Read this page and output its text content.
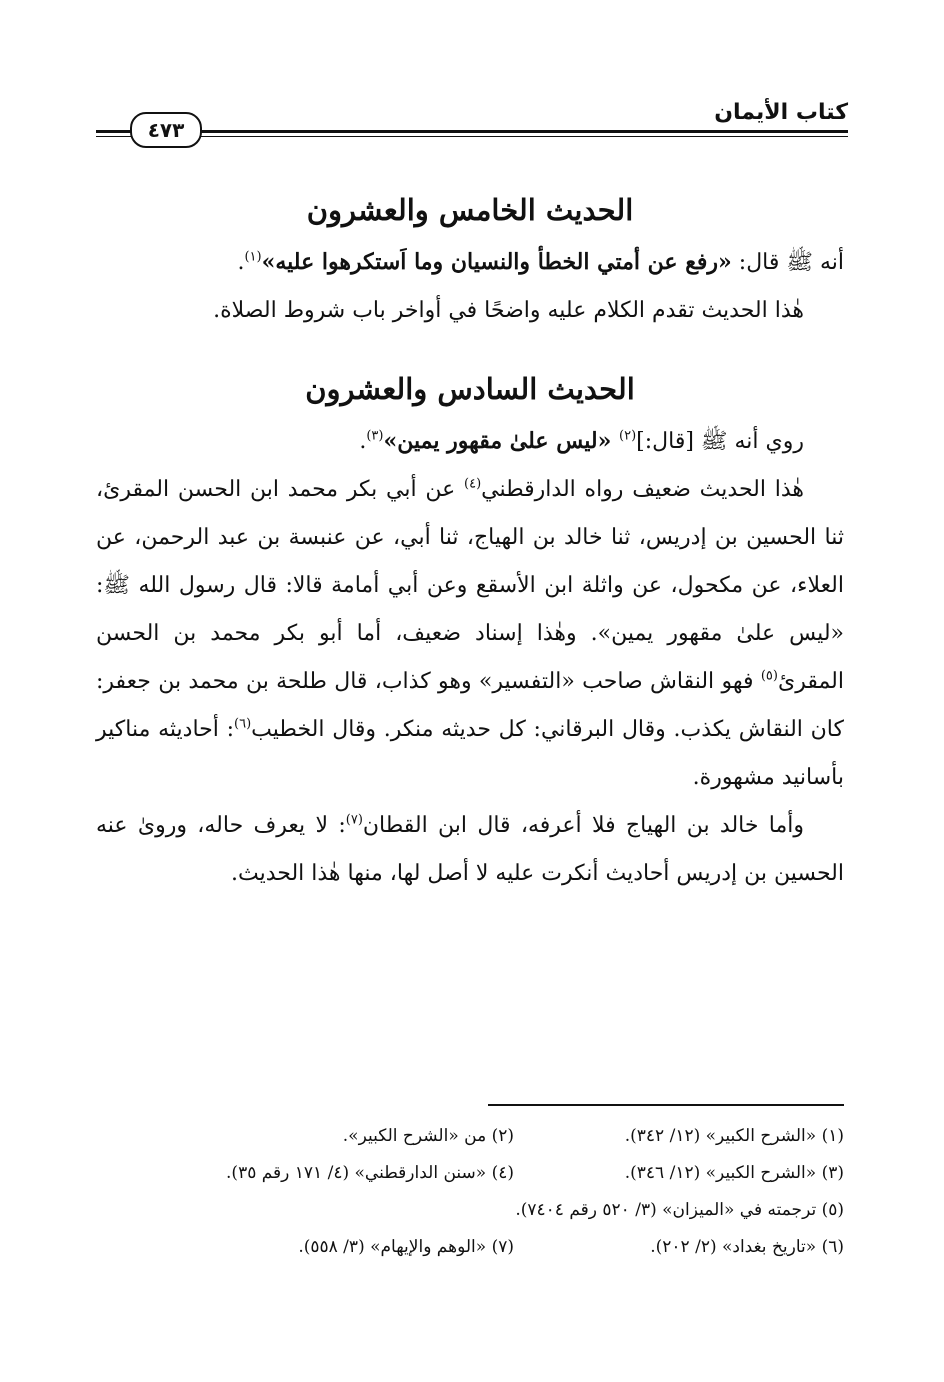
كتاب الأيمان
٤٧٣
الحديث الخامس والعشرون

أنه ﷺ قال: «رفع عن أمتي الخطأ والنسيان وما اَستكرهوا عليه»$^{(١)}$.

هٰذا الحديث تقدم الكلام عليه واضحًا في أواخر باب شروط الصلاة.

الحديث السادس والعشرون

روي أنه ﷺ [قال:]$^{(٢)}$ «ليس علىٰ مقهور يمين»$^{(٣)}$.

هٰذا الحديث ضعيف رواه الدارقطني$^{(٤)}$ عن أبي بكر محمد ابن الحسن المقرئ، ثنا الحسين بن إدريس، ثنا خالد بن الهياج، ثنا أبي، عن عنبسة بن عبد الرحمن، عن العلاء، عن مكحول، عن واثلة ابن الأسقع وعن أبي أمامة قالا: قال رسول الله ﷺ: «ليس علىٰ مقهور يمين». وهٰذا إسناد ضعيف، أما أبو بكر محمد بن الحسن المقرئ$^{(٥)}$ فهو النقاش صاحب «التفسير» وهو كذاب، قال طلحة بن محمد بن جعفر: كان النقاش يكذب. وقال البرقاني: كل حديثه منكر. وقال الخطيب$^{(٦)}$: أحاديثه مناكير بأسانيد مشهورة.

وأما خالد بن الهياج فلا أعرفه، قال ابن القطان$^{(٧)}$: لا يعرف حاله، ورویٰ عنه الحسين بن إدريس أحاديث أنكرت عليه لا أصل لها، منها هٰذا الحديث.

(١) «الشرح الكبير» (١٢/ ٣٤٢).
(٢) من «الشرح الكبير».
(٣) «الشرح الكبير» (١٢/ ٣٤٦).
(٤) «سنن الدارقطني» (٤/ ١٧١ رقم ٣٥).
(٥) ترجمته في «الميزان» (٣/ ٥٢٠ رقم ٧٤٠٤).
(٦) «تاريخ بغداد» (٢/ ٢٠٢).
(٧) «الوهم والإيهام» (٣/ ٥٥٨).
